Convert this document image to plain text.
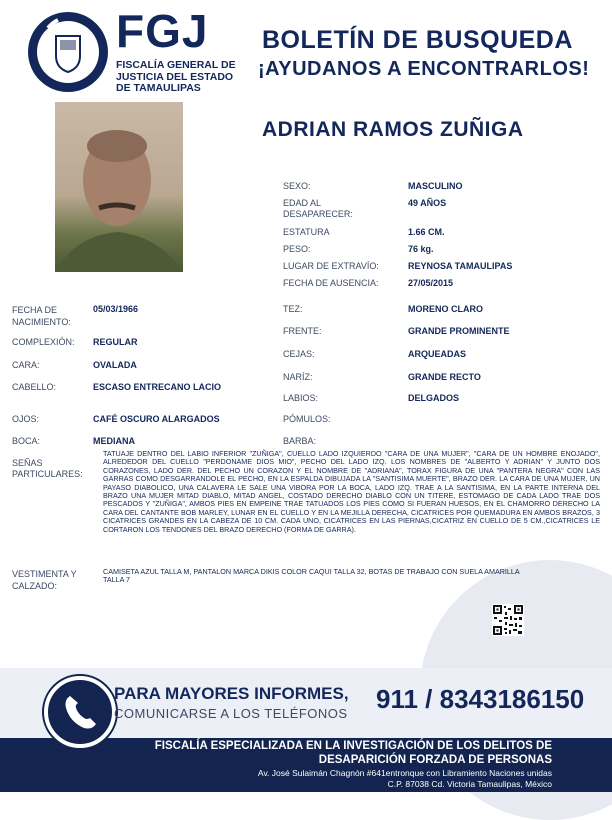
FGJ
FISCALÍA GENERAL DE JUSTICIA DEL ESTADO DE TAMAULIPAS
BOLETÍN DE BUSQUEDA
¡AYUDANOS A ENCONTRARLOS!
ADRIAN RAMOS ZUÑIGA
SEXO:	MASCULINO
EDAD AL DESAPARECER:
49 AÑOS
ESTATURA	1.66 CM.
PESO:	76 kg.
LUGAR DE EXTRAVÍO:	REYNOSA TAMAULIPAS
FECHA DE AUSENCIA:	27/05/2015
FECHA DE NACIMIENTO:
05/03/1966
COMPLEXIÓN: REGULAR
CARA:	OVALADA
CABELLO:	ESCASO ENTRECANO LACIO
OJOS:	CAFÉ OSCURO ALARGADOS
BOCA:	MEDIANA
TEZ:	MORENO CLARO
FRENTE:	GRANDE PROMINENTE
CEJAS:	ARQUEADAS
NARÍZ:	GRANDE RECTO
LABIOS:	DELGADOS
PÓMULOS:
BARBA:
SEÑAS PARTICULARES:
TATUAJE DENTRO DEL LABIO INFERIOR "ZUÑIGA", CUELLO LADO IZQUIERDO "CARA DE UNA MUJER", "CARA DE UN HOMBRE ENOJADO", ALREDEDOR DEL CUELLO "PERDONAME DIOS MIO", PECHO DEL LADO IZQ. LOS NOMBRES DE "ALBERTO Y ADRIAN" Y JUNTO DOS CORAZONES, LADO DER. DEL PECHO UN CORAZON Y EL NOMBRE DE "ADRIANA", TORAX FIGURA DE UNA "PANTERA NEGRA" CON LAS GARRAS COMO DESGARRANDOLE EL PECHO, EN LA ESPALDA DIBUJADA LA "SANTISIMA MUERTE", BRAZO DER. LA CARA DE UNA MUJER, UN PAYASO DIABOLICO, UNA CALAVERA LE SALE UNA VIBORA POR LA BOCA, LADO IZQ. TRAE A LA SANTISIMA, EN LA PARTE INTERNA DEL BRAZO UNA MUJER MITAD DIABLO, MITAD ANGEL, COSTADO DERECHO DIABLO CON UN TITERE, ESTOMAGO DE CADA LADO TRAE DOS PESCADOS Y "ZUÑIGA", AMBOS PIES EN EMPEINE TRAE TATUADOS LOS PIES COMO SI FUERAN HUESOS, EN EL CHAMORRO DERECHO LA CARA DEL CANTANTE BOB MARLEY, LUNAR EN EL CUELLO Y EN LA MEJILLA DERECHA, CICATRICES POR QUEMADURA EN AMBOS BRAZOS, 3 CICATRICES GRANDES EN LA CABEZA DE 10 CM. CADA UNO, CICATRICES EN LAS PIERNAS,CICATRIZ EN CUELLO DE 5 CM.,CICATRICES LE CORTARON LOS TENDONES DEL BRAZO DERECHO (FORMA DE GARRA).
VESTIMENTA Y CALZADO:
CAMISETA AZUL TALLA M, PANTALON MARCA DIKIS COLOR CAQUI TALLA 32, BOTAS DE TRABAJO CON SUELA AMARILLA TALLA 7
PARA MAYORES INFORMES,
COMUNICARSE A LOS TELÉFONOS 911 / 8343186150
FISCALÍA ESPECIALIZADA EN LA INVESTIGACIÓN DE LOS DELITOS DE
DESAPARICIÓN FORZADA DE PERSONAS
Av. José Sulaimán Chagnón #641entronque con Libramiento Naciones unidas
C.P. 87038 Cd. Victoria Tamaulipas, México
